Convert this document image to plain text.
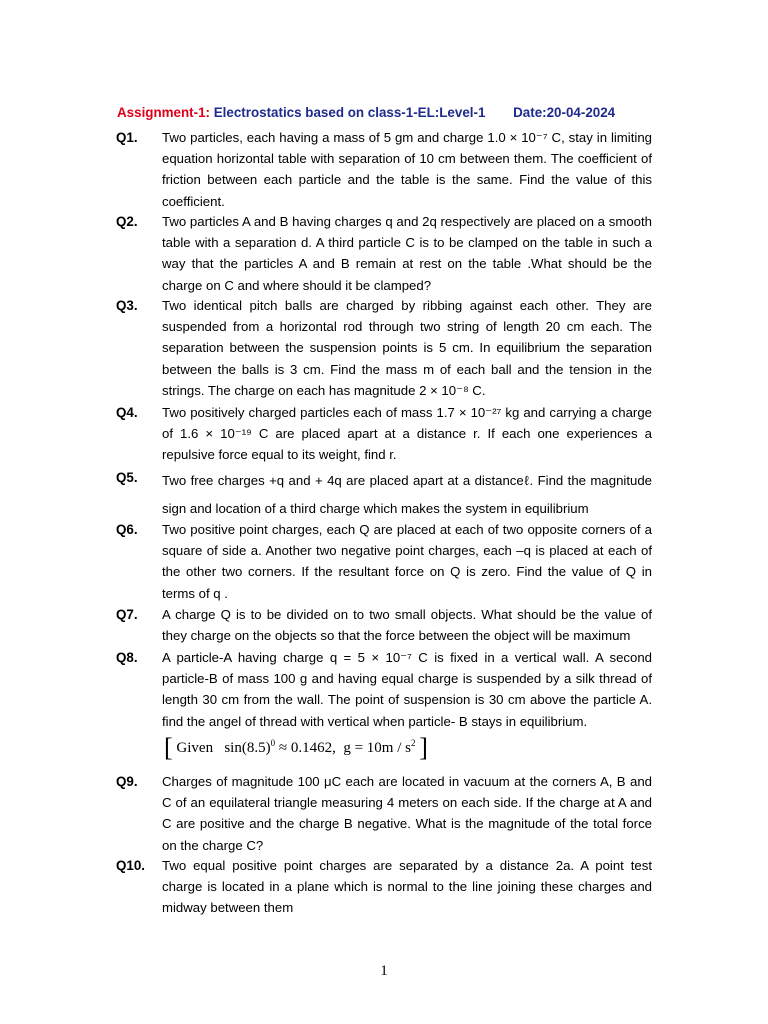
Assignment-1: Electrostatics based on class-1-EL:Level-1 Date:20-04-2024
Q1. Two particles, each having a mass of 5 gm and charge 1.0 × 10⁻⁷ C, stay in limiting equation horizontal table with separation of 10 cm between them. The coefficient of friction between each particle and the table is the same. Find the value of this coefficient.
Q2. Two particles A and B having charges q and 2q respectively are placed on a smooth table with a separation d. A third particle C is to be clamped on the table in such a way that the particles A and B remain at rest on the table .What should be the charge on C and where should it be clamped?
Q3. Two identical pitch balls are charged by ribbing against each other. They are suspended from a horizontal rod through two string of length 20 cm each. The separation between the suspension points is 5 cm. In equilibrium the separation between the balls is 3 cm. Find the mass m of each ball and the tension in the strings. The charge on each has magnitude 2 × 10⁻⁸ C.
Q4. Two positively charged particles each of mass 1.7 × 10⁻²⁷ kg and carrying a charge of 1.6 × 10⁻¹⁹ C are placed apart at a distance r. If each one experiences a repulsive force equal to its weight, find r.
Q5. Two free charges +q and + 4q are placed apart at a distanceℓ. Find the magnitude sign and location of a third charge which makes the system in equilibrium
Q6. Two positive point charges, each Q are placed at each of two opposite corners of a square of side a. Another two negative point charges, each –q is placed at each of the other two corners. If the resultant force on Q is zero. Find the value of Q in terms of q .
Q7. A charge Q is to be divided on to two small objects. What should be the value of they charge on the objects so that the force between the object will be maximum
Q8. A particle-A having charge q = 5 × 10⁻⁷ C is fixed in a vertical wall. A second particle-B of mass 100 g and having equal charge is suspended by a silk thread of length 30 cm from the wall. The point of suspension is 30 cm above the particle A. find the angel of thread with vertical when particle- B stays in equilibrium.
[ Given $\sin(8.5)^0 \approx 0.1462$, $g = 10m / s^2$ ]
Q9. Charges of magnitude 100 μC each are located in vacuum at the corners A, B and C of an equilateral triangle measuring 4 meters on each side. If the charge at A and C are positive and the charge B negative. What is the magnitude of the total force on the charge C?
Q10. Two equal positive point charges are separated by a distance 2a. A point test charge is located in a plane which is normal to the line joining these charges and midway between them
1
